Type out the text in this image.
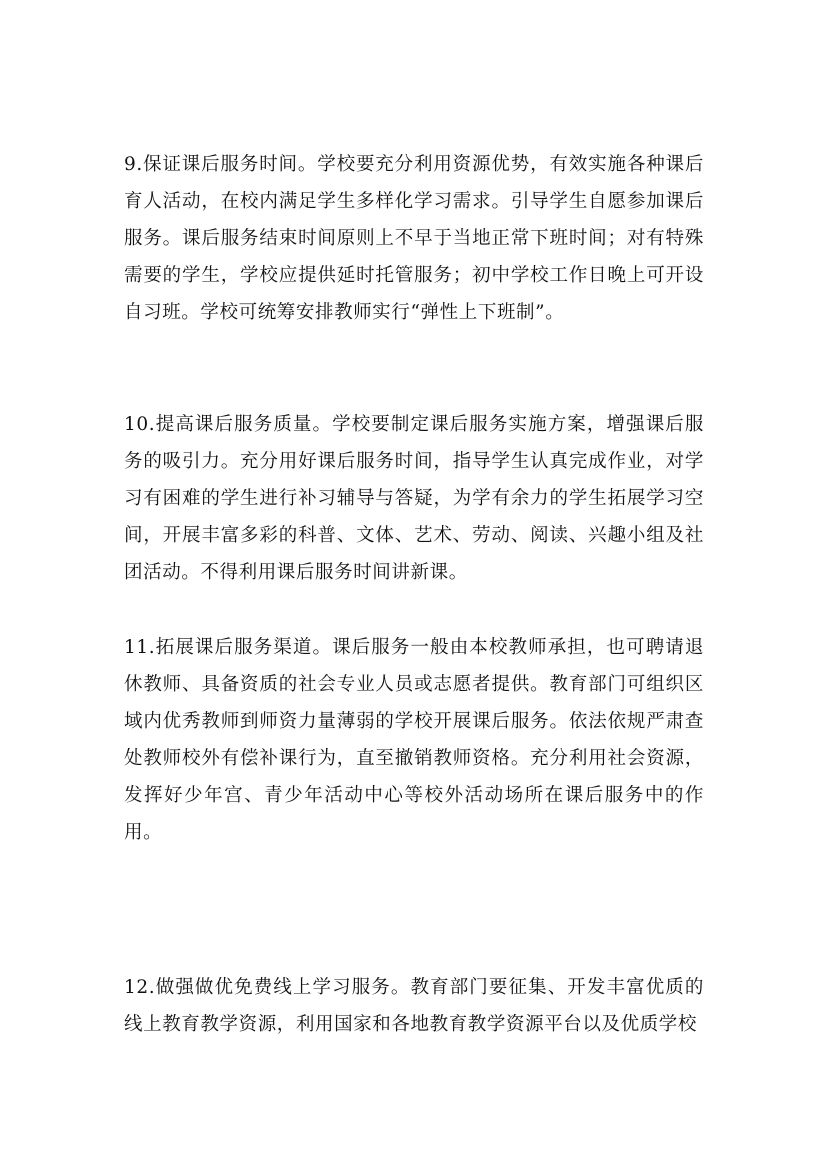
9.保证课后服务时间。学校要充分利用资源优势，有效实施各种课后育人活动，在校内满足学生多样化学习需求。引导学生自愿参加课后服务。课后服务结束时间原则上不早于当地正常下班时间；对有特殊需要的学生，学校应提供延时托管服务；初中学校工作日晚上可开设自习班。学校可统筹安排教师实行“弹性上下班制”。

10.提高课后服务质量。学校要制定课后服务实施方案，增强课后服务的吸引力。充分用好课后服务时间，指导学生认真完成作业，对学习有困难的学生进行补习辅导与答疑，为学有余力的学生拓展学习空间，开展丰富多彩的科普、文体、艺术、劳动、阅读、兴趣小组及社团活动。不得利用课后服务时间讲新课。

11.拓展课后服务渠道。课后服务一般由本校教师承担，也可聘请退休教师、具备资质的社会专业人员或志愿者提供。教育部门可组织区域内优秀教师到师资力量薄弱的学校开展课后服务。依法依规严肃查处教师校外有偿补课行为，直至撤销教师资格。充分利用社会资源，发挥好少年宫、青少年活动中心等校外活动场所在课后服务中的作用。

12.做强做优免费线上学习服务。教育部门要征集、开发丰富优质的线上教育教学资源，利用国家和各地教育教学资源平台以及优质学校
